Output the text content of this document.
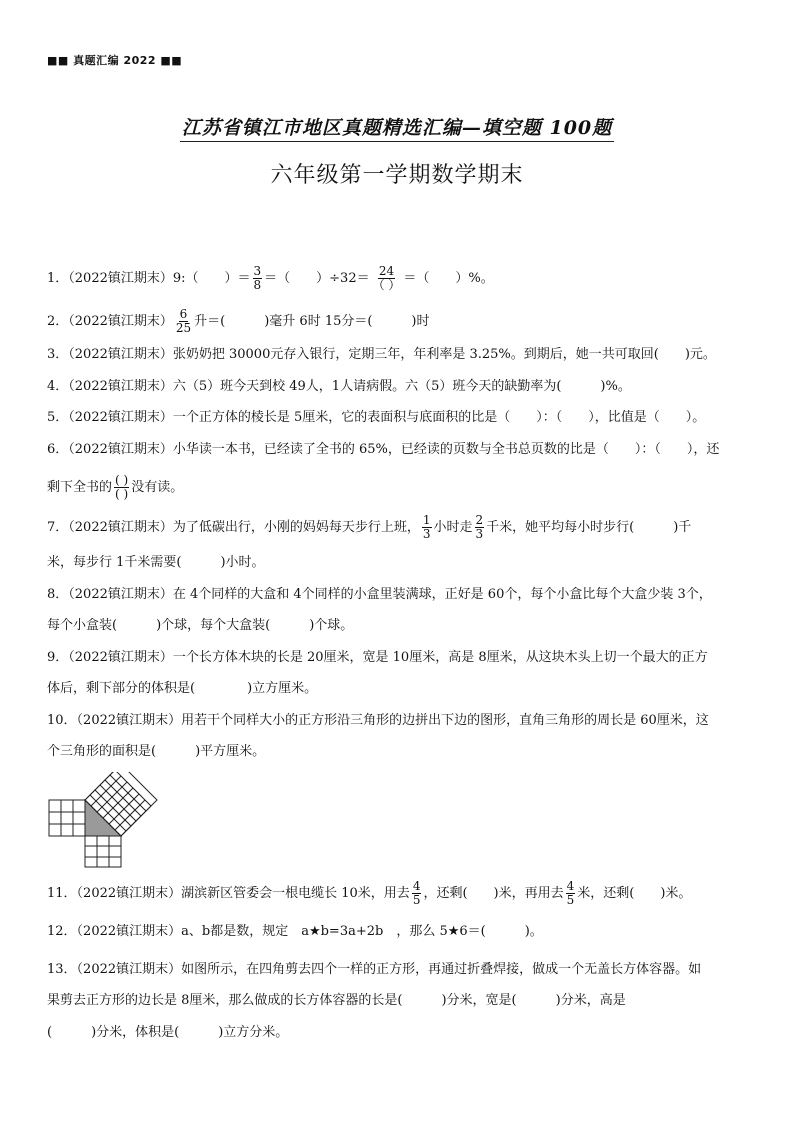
■■ 真题汇编 2022 ■■
江苏省镇江市地区真题精选汇编—填空题 100题
六年级第一学期数学期末
1．（2022镇江期末）9:（　　）＝ $\frac{3}{8}$ ＝（　　）$\div 32= \frac{24}{( )}$ ＝（　　）%。
2．（2022镇江期末） $\frac{6}{25}$ 升＝(　　　)毫升 6时 15分＝(　　　)时
3．（2022镇江期末）张奶奶把 30000元存入银行，定期三年，年利率是 3.25%。到期后，她一共可取回(　　)元。
4．（2022镇江期末）六（5）班今天到校 49人，1人请病假。六（5）班今天的缺勤率为(　　　)%。
5．（2022镇江期末）一个正方体的棱长是 5厘米，它的表面积与底面积的比是（　　）：（　　），比值是（　　）。
6．（2022镇江期末）小华读一本书，已经读了全书的 65%，已经读的页数与全书总页数的比是（　　）：（　　），还
剩下全书的 $\frac{( )}{( )}$ 没有读。
7．（2022镇江期末）为了低碳出行，小刚的妈妈每天步行上班， $\frac{1}{3}$ 小时走 $\frac{2}{3}$ 千米，她平均每小时步行(　　　)千
米，每步行 1千米需要(　　　)小时。
8．（2022镇江期末）在 4个同样的大盒和 4个同样的小盒里装满球，正好是 60个，每个小盒比每个大盒少装 3个，
每个小盒装(　　　)个球，每个大盒装(　　　)个球。
9．（2022镇江期末）一个长方体木块的长是 20厘米，宽是 10厘米，高是 8厘米，从这块木头上切一个最大的正方
体后，剩下部分的体积是(　　　　)立方厘米。
10．（2022镇江期末）用若干个同样大小的正方形沿三角形的边拼出下边的图形，直角三角形的周长是 60厘米，这
个三角形的面积是(　　　)平方厘米。
11．（2022镇江期末）湖滨新区管委会一根电缆长 10米，用去 $\frac{4}{5}$ ，还剩(　　)米，再用去 $\frac{4}{5}$ 米，还剩(　　)米。
12．（2022镇江期末）a、b都是数，规定　a★b=3a+2b　，那么 5★6＝(　　　)。
13．（2022镇江期末）如图所示，在四角剪去四个一样的正方形，再通过折叠焊接，做成一个无盖长方体容器。如
果剪去正方形的边长是 8厘米，那么做成的长方体容器的长是(　　　)分米，宽是(　　　)分米，高是
(　　　)分米，体积是(　　　)立方分米。
